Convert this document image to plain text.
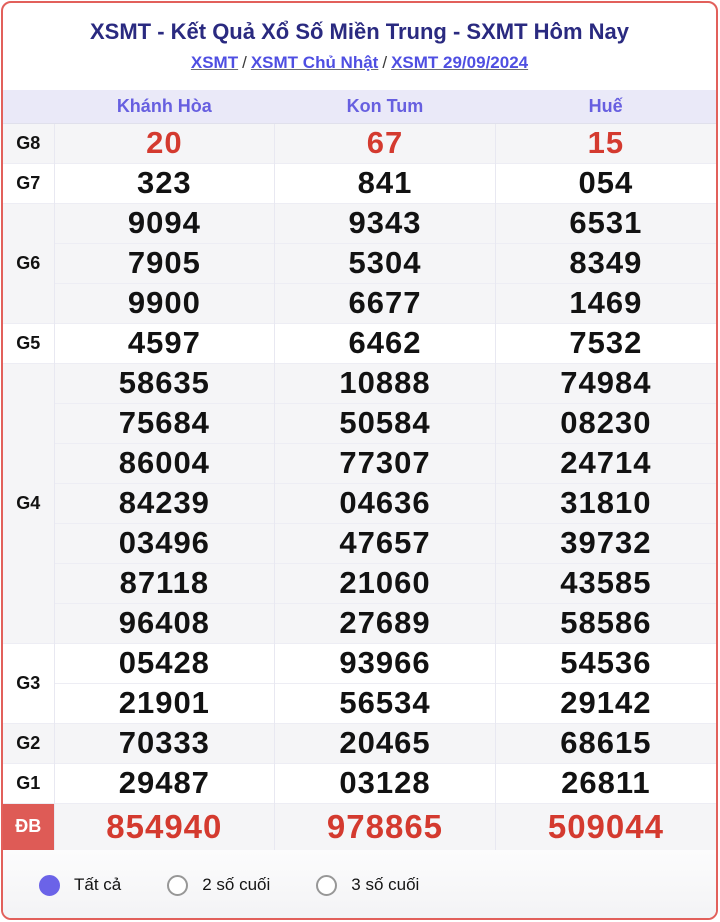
XSMT - Kết Quả Xổ Số Miền Trung - SXMT Hôm Nay
XSMT / XSMT Chủ Nhật / XSMT 29/09/2024
	Khánh Hòa	Kon Tum	Huế
G8	20	67	15
G7	323	841	054
G6	9094	9343	6531
	7905	5304	8349
	9900	6677	1469
G5	4597	6462	7532
G4	58635	10888	74984
	75684	50584	08230
	86004	77307	24714
	84239	04636	31810
	03496	47657	39732
	87118	21060	43585
	96408	27689	58586
G3	05428	93966	54536
	21901	56534	29142
G2	70333	20465	68615
G1	29487	03128	26811
ĐB	854940	978865	509044
Tất cả	2 số cuối	3 số cuối
